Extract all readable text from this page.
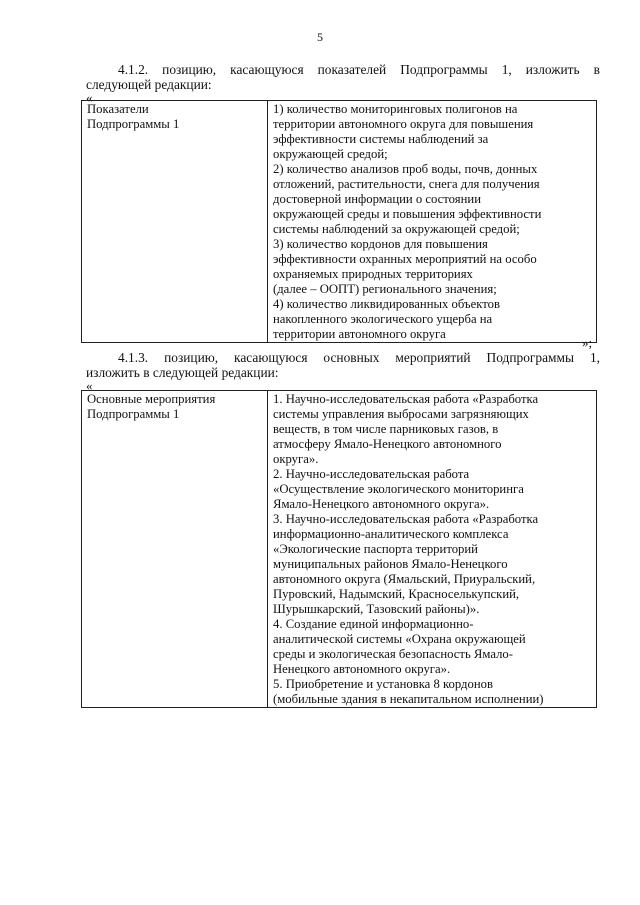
5
4.1.2. позицию, касающуюся показателей Подпрограммы 1, изложить в
следующей редакции:
«
Показатели
Подпрограммы 1

1) количество мониторинговых полигонов на
территории автономного округа для повышения
эффективности системы наблюдений за
окружающей средой;
2) количество анализов проб воды, почв, донных
отложений, растительности, снега для получения
достоверной информации о состоянии
окружающей среды и повышения эффективности
системы наблюдений за окружающей средой;
3) количество кордонов для повышения
эффективности охранных мероприятий на особо
охраняемых природных территориях
(далее – ООПТ) регионального значения;
4) количество ликвидированных объектов
накопленного экологического ущерба на
территории автономного округа
»;
4.1.3. позицию, касающуюся основных мероприятий Подпрограммы 1,
изложить в следующей редакции:
«
Основные мероприятия
Подпрограммы 1

1. Научно-исследовательская работа «Разработка
системы управления выбросами загрязняющих
веществ, в том числе парниковых газов, в
атмосферу Ямало-Ненецкого автономного
округа».
2. Научно-исследовательская работа
«Осуществление экологического мониторинга
Ямало-Ненецкого автономного округа».
3. Научно-исследовательская работа «Разработка
информационно-аналитического комплекса
«Экологические паспорта территорий
муниципальных районов Ямало-Ненецкого
автономного округа (Ямальский, Приуральский,
Пуровский, Надымский, Красноселькупский,
Шурышкарский, Тазовский районы)».
4. Создание единой информационно-
аналитической системы «Охрана окружающей
среды и экологическая безопасность Ямало-
Ненецкого автономного округа».
5. Приобретение и установка 8 кордонов
(мобильные здания в некапитальном исполнении)
